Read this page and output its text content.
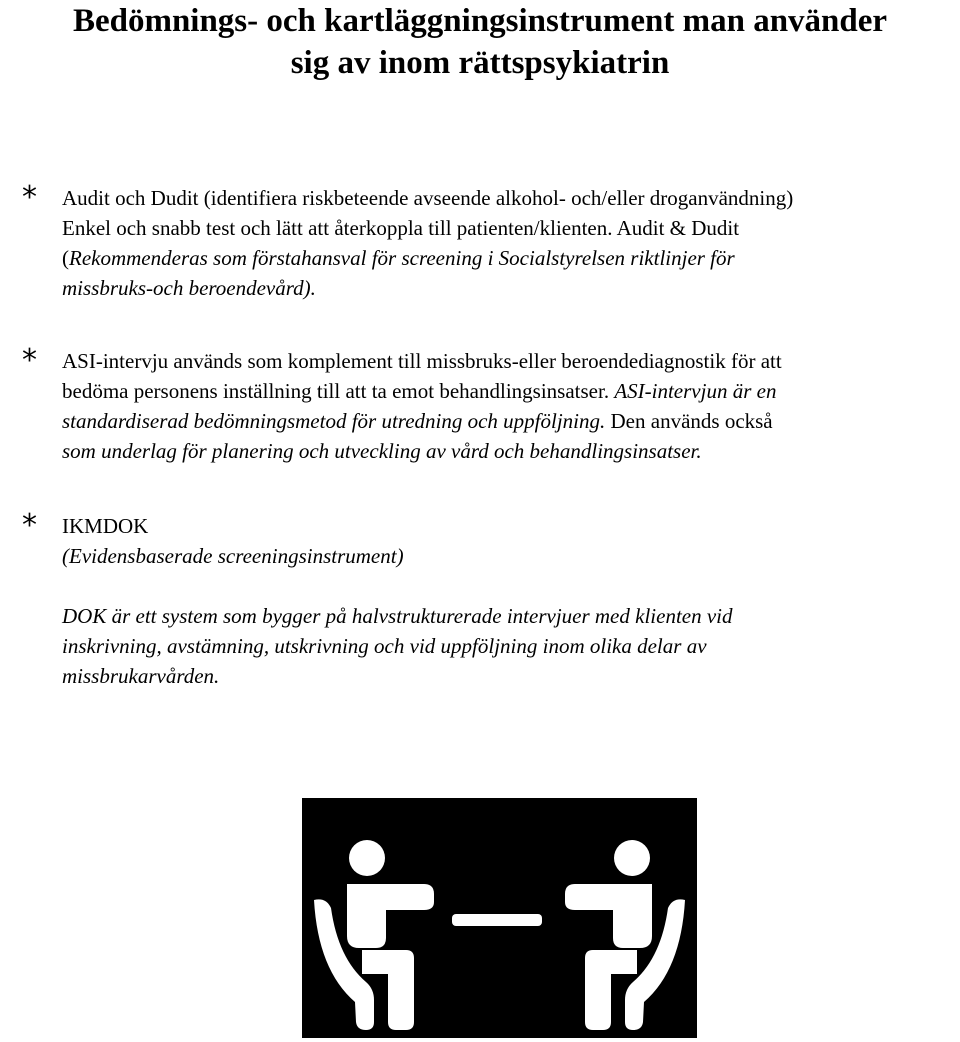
Bedömnings- och kartläggningsinstrument man använder
sig av inom rättspsykiatrin
* Audit och Dudit (identifiera riskbeteende avseende alkohol- och/eller droganvändning)
Enkel och snabb test och lätt att återkoppla till patienten/klienten. Audit & Dudit
(Rekommenderas som förstahansval för screening i Socialstyrelsen riktlinjer för
missbruks-och beroendevård).
* ASI-intervju används som komplement till missbruks-eller beroendediagnostik för att
bedöma personens inställning till att ta emot behandlingsinsatser. ASI-intervjun är en
standardiserad bedömningsmetod för utredning och uppföljning. Den används också
som underlag för planering och utveckling av vård och behandlingsinsatser.
* IKMDOK
(Evidensbaserade screeningsinstrument)

DOK är ett system som bygger på halvstrukturerade intervjuer med klienten vid
inskrivning, avstämning, utskrivning och vid uppföljning inom olika delar av
missbrukarvården.
